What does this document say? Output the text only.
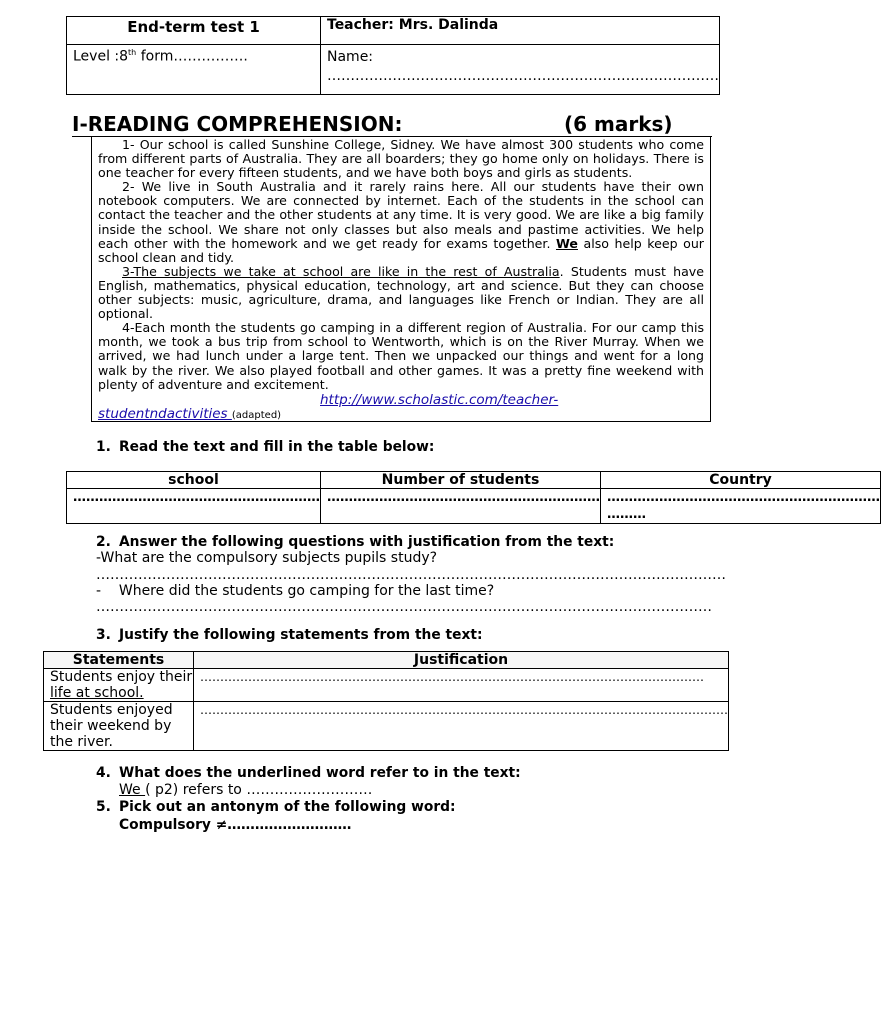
End-term test 1	Teacher: Mrs. Dalinda
Level :8th form…………….	Name:
…………………………………………………………………………
I-READING COMPREHENSION:	(6 marks)

1- Our school is called Sunshine College, Sidney. We have almost 300 students who come from different parts of Australia. They are all boarders; they go home only on holidays. There is one teacher for every fifteen students, and we have both boys and girls as students.

2- We live in South Australia and it rarely rains here. All our students have their own notebook computers. We are connected by internet. Each of the students in the school can contact the teacher and the other students at any time. It is very good. We are like a big family inside the school. We share not only classes but also meals and pastime activities. We help each other with the homework and we get ready for exams together. We also help keep our school clean and tidy.

3-The subjects we take at school are like in the rest of Australia. Students must have English, mathematics, physical education, technology, art and science. But they can choose other subjects: music, agriculture, drama, and languages like French or Indian. They are all optional.

4-Each month the students go camping in a different region of Australia. For our camp this month, we took a bus trip from school to Wentworth, which is on the River Murray. When we arrived, we had lunch under a large tent. Then we unpacked our things and went for a long walk by the river. We also played football and other games. It was a pretty fine weekend with plenty of adventure and excitement.

http://www.scholastic.com/teacher-
studentndactivities (adapted)

1. Read the text and fill in the table below:
school	Number of students	Country
…………………………………………………	………………………………………………………	……………………………………………………… ………
2. Answer the following questions with justification from the text:
-What are the compulsory subjects pupils study?
………………………………………………………………………………………………………………………
-    Where did the students go camping for the last time?
……………………………………………………………………………………………………………………
3. Justify the following statements from the text:
Statements	Justification
Students enjoy their life at school.	………………………………………………………………………………………………………………
Students enjoyed their weekend by the river.	……………………………………………………………………………………………………………………
4. What does the underlined word refer to in the text:
We ( p2) refers to ………………………
5. Pick out an antonym of the following word:
Compulsory ≠………………………
